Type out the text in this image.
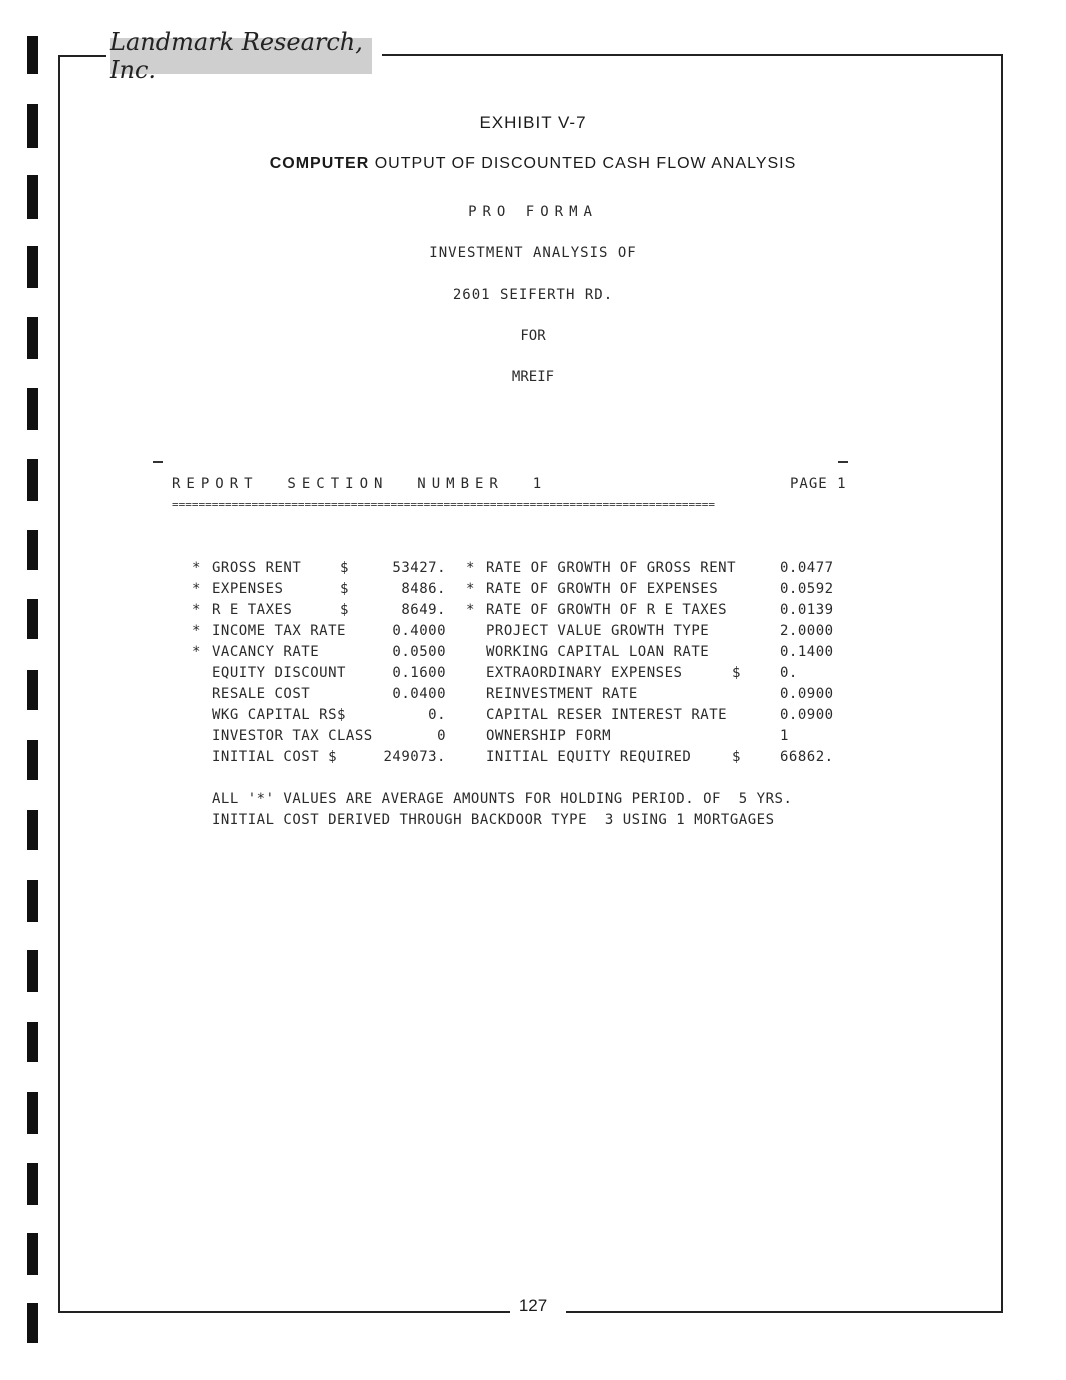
Landmark Research, Inc.
EXHIBIT V-7
COMPUTER OUTPUT OF DISCOUNTED CASH FLOW ANALYSIS
PRO FORMA
INVESTMENT ANALYSIS OF
2601 SEIFERTH RD.
FOR
MREIF
REPORT  SECTION  NUMBER  1	PAGE 1
==================================================================================
* GROSS RENT	$	53427. * RATE OF GROWTH OF GROSS RENT	0.0477
* EXPENSES	$	8486. * RATE OF GROWTH OF EXPENSES	0.0592
* R E TAXES	$	8649. * RATE OF GROWTH OF R E TAXES	0.0139
* INCOME TAX RATE	0.4000	PROJECT VALUE GROWTH TYPE	2.0000
* VACANCY RATE	0.0500	WORKING CAPITAL LOAN RATE	0.1400
EQUITY DISCOUNT	0.1600	EXTRAORDINARY EXPENSES	$	0.
RESALE COST	0.0400	REINVESTMENT RATE	0.0900
WKG CAPITAL RS$	0.	CAPITAL RESER INTEREST RATE	0.0900
INVESTOR TAX CLASS	0	OWNERSHIP FORM	1
INITIAL COST $	249073.	INITIAL EQUITY REQUIRED	$	66862.
ALL '*' VALUES ARE AVERAGE AMOUNTS FOR HOLDING PERIOD. OF  5 YRS.
INITIAL COST DERIVED THROUGH BACKDOOR TYPE  3 USING 1 MORTGAGES
127
